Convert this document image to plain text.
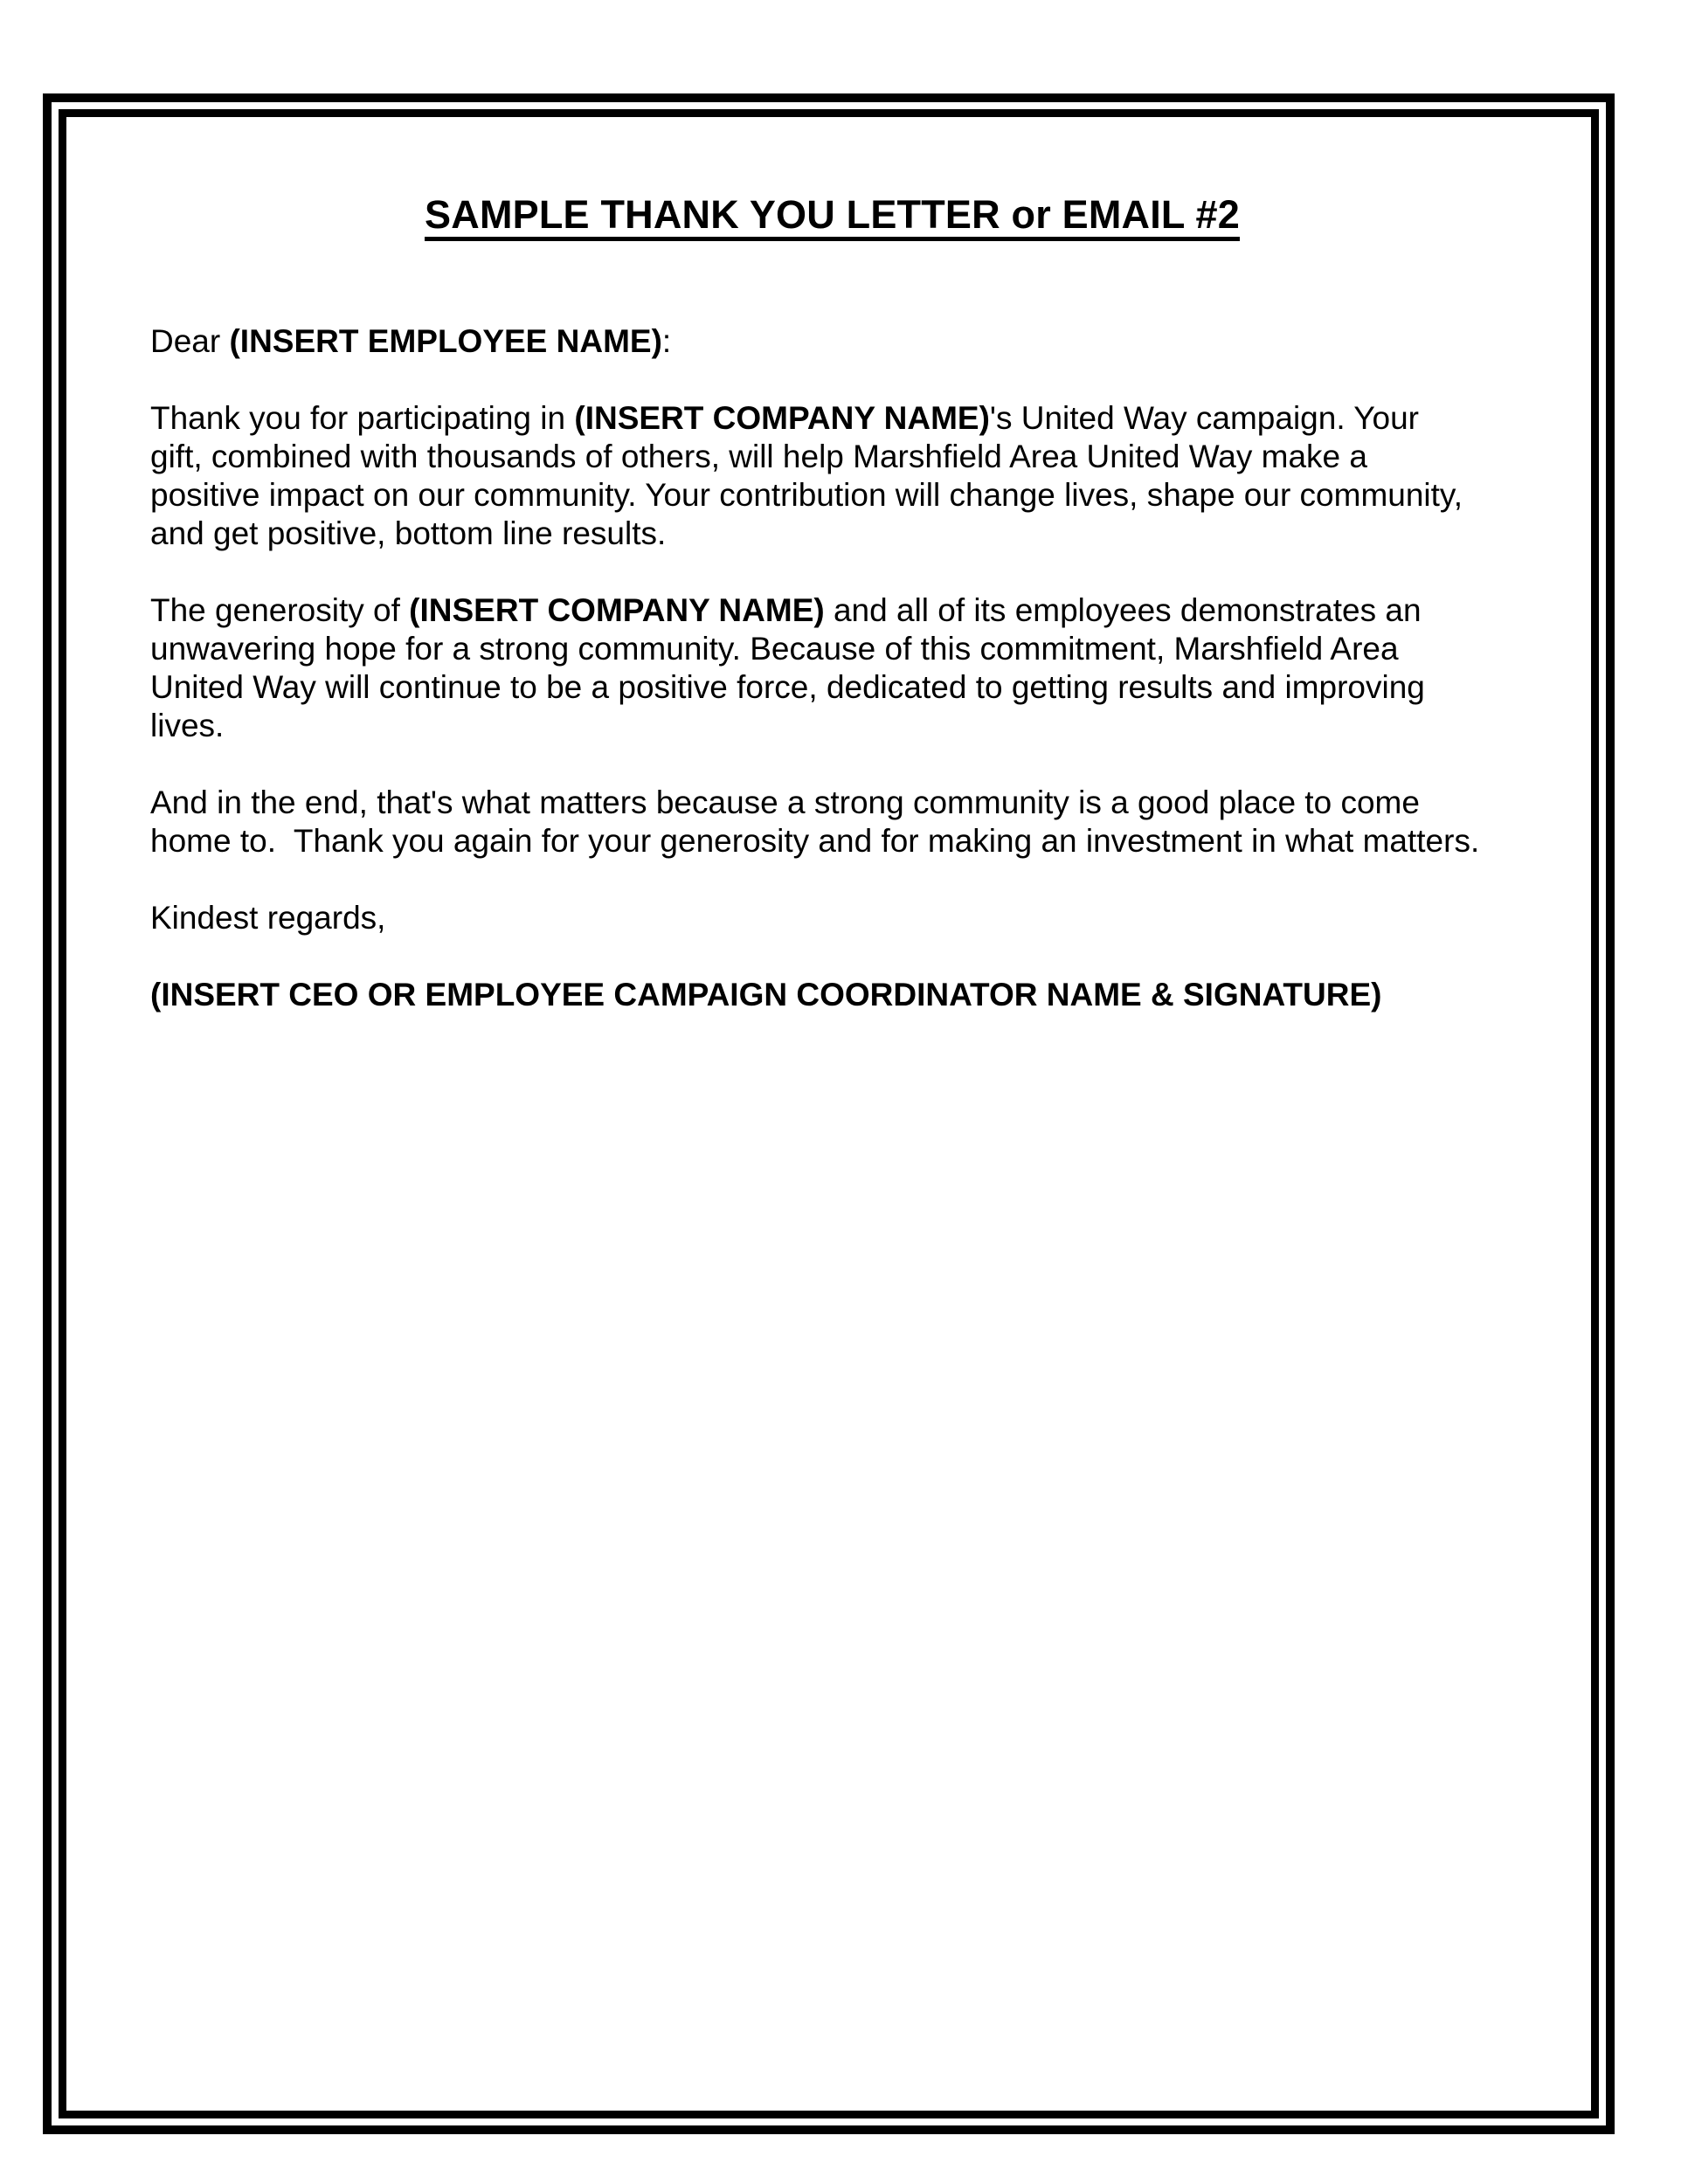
SAMPLE THANK YOU LETTER or EMAIL #2

Dear (INSERT EMPLOYEE NAME):

Thank you for participating in (INSERT COMPANY NAME)'s United Way campaign. Your
gift, combined with thousands of others, will help Marshfield Area United Way make a
positive impact on our community. Your contribution will change lives, shape our community,
and get positive, bottom line results.

The generosity of (INSERT COMPANY NAME) and all of its employees demonstrates an
unwavering hope for a strong community. Because of this commitment, Marshfield Area
United Way will continue to be a positive force, dedicated to getting results and improving
lives.

And in the end, that's what matters because a strong community is a good place to come
home to.  Thank you again for your generosity and for making an investment in what matters.

Kindest regards,

(INSERT CEO OR EMPLOYEE CAMPAIGN COORDINATOR NAME & SIGNATURE)
